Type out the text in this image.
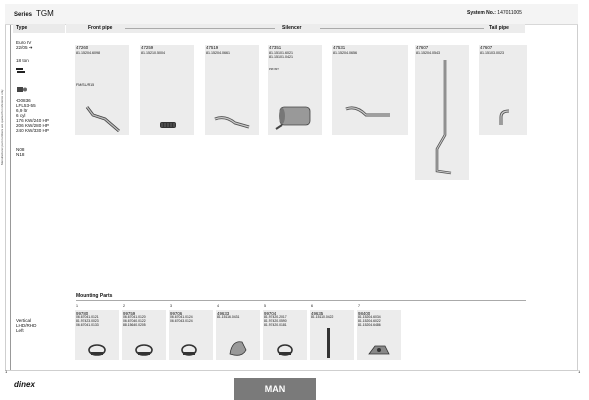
Series TGM	System No.: 147011005
Manufacturer part numbers are quoted for reference only
Type
Euro IV
22/05 ➔
18 ton
*D0836
LFL53-55
6,9 ltr
6 cyl
176 KW/240 HP
206 KW/280 HP
240 KW/330 HP
N08
N18
Vertical
LHD/RHD
Left
Front pipe	Silencer	Tail pipe
47260
81.15204.6098
FM/SL/R15
47259
81.15210.5004
47519
81.15204.0661
47351
81.15101.6021
81.15101.0421
PM NST
47531
81.15204.0656
47607
81.15204.0543
47607
81.15103.0023
Mounting Parts
1
99780
06.67041.0121
81.97423.0023
06.67041.0133
2
99759
06.67041.0120
06.67040.0122
88.15640.0205
3
99706
06.67041.0124
06.67043.0124
4
49633
81.15116.0431
5
99704
81.97420.2017
81.97420.0590
81.97420.0181
6
49635
81.15110.0422
7
98400
81.15204.6034
81.15204.6022
81.15204.6486
1	1
dinex	MAN
